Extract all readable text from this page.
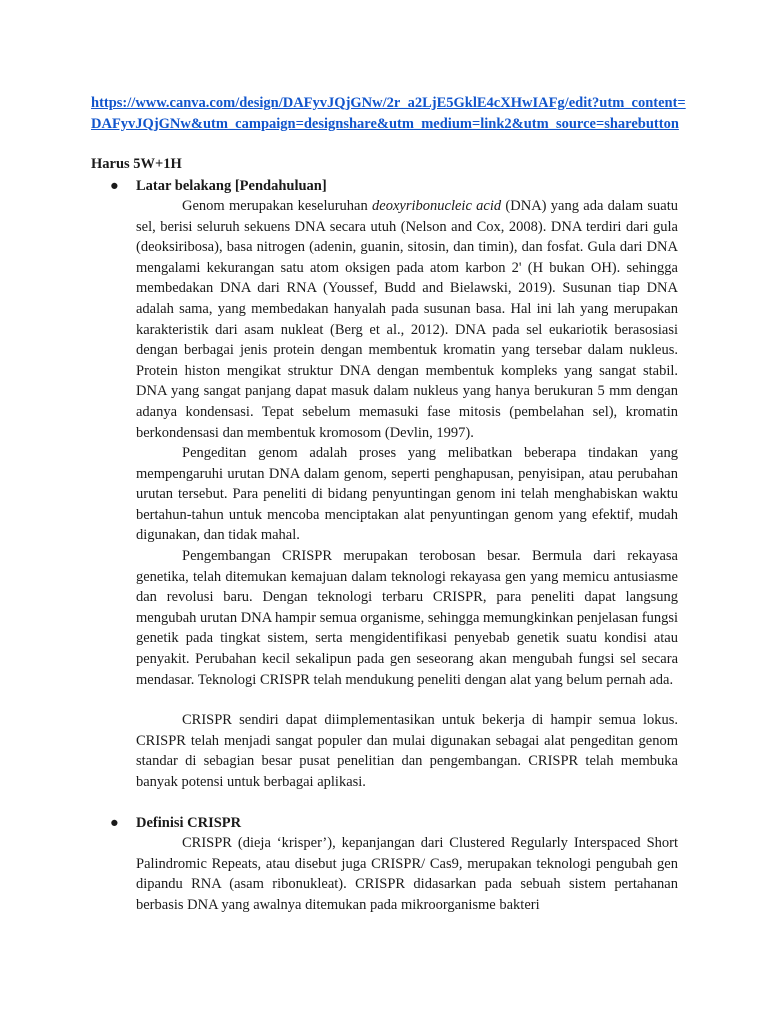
https://www.canva.com/design/DAFyvJQjGNw/2r_a2LjE5GklE4cXHwIAFg/edit?utm_content=DAFyvJQjGNw&utm_campaign=designshare&utm_medium=link2&utm_source=sharebutton
Harus 5W+1H
● Latar belakang [Pendahuluan]

Genom merupakan keseluruhan deoxyribonucleic acid (DNA) yang ada dalam suatu sel, berisi seluruh sekuens DNA secara utuh (Nelson and Cox, 2008). DNA terdiri dari gula (deoksiribosa), basa nitrogen (adenin, guanin, sitosin, dan timin), dan fosfat. Gula dari DNA mengalami kekurangan satu atom oksigen pada atom karbon 2' (H bukan OH). sehingga membedakan DNA dari RNA (Youssef, Budd and Bielawski, 2019). Susunan tiap DNA adalah sama, yang membedakan hanyalah pada susunan basa. Hal ini lah yang merupakan karakteristik dari asam nukleat (Berg et al., 2012). DNA pada sel eukariotik berasosiasi dengan berbagai jenis protein dengan membentuk kromatin yang tersebar dalam nukleus. Protein histon mengikat struktur DNA dengan membentuk kompleks yang sangat stabil. DNA yang sangat panjang dapat masuk dalam nukleus yang hanya berukuran 5 mm dengan adanya kondensasi. Tepat sebelum memasuki fase mitosis (pembelahan sel), kromatin berkondensasi dan membentuk kromosom (Devlin, 1997).

Pengeditan genom adalah proses yang melibatkan beberapa tindakan yang mempengaruhi urutan DNA dalam genom, seperti penghapusan, penyisipan, atau perubahan urutan tersebut. Para peneliti di bidang penyuntingan genom ini telah menghabiskan waktu bertahun-tahun untuk mencoba menciptakan alat penyuntingan genom yang efektif, mudah digunakan, dan tidak mahal.

Pengembangan CRISPR merupakan terobosan besar. Bermula dari rekayasa genetika, telah ditemukan kemajuan dalam teknologi rekayasa gen yang memicu antusiasme dan revolusi baru. Dengan teknologi terbaru CRISPR, para peneliti dapat langsung mengubah urutan DNA hampir semua organisme, sehingga memungkinkan penjelasan fungsi genetik pada tingkat sistem, serta mengidentifikasi penyebab genetik suatu kondisi atau penyakit. Perubahan kecil sekalipun pada gen seseorang akan mengubah fungsi sel secara mendasar. Teknologi CRISPR telah mendukung peneliti dengan alat yang belum pernah ada.

CRISPR sendiri dapat diimplementasikan untuk bekerja di hampir semua lokus. CRISPR telah menjadi sangat populer dan mulai digunakan sebagai alat pengeditan genom standar di sebagian besar pusat penelitian dan pengembangan. CRISPR telah membuka banyak potensi untuk berbagai aplikasi.

● Definisi CRISPR

CRISPR (dieja ‘krisper’), kepanjangan dari Clustered Regularly Interspaced Short Palindromic Repeats, atau disebut juga CRISPR/ Cas9, merupakan teknologi pengubah gen dipandu RNA (asam ribonukleat). CRISPR didasarkan pada sebuah sistem pertahanan berbasis DNA yang awalnya ditemukan pada mikroorganisme bakteri
